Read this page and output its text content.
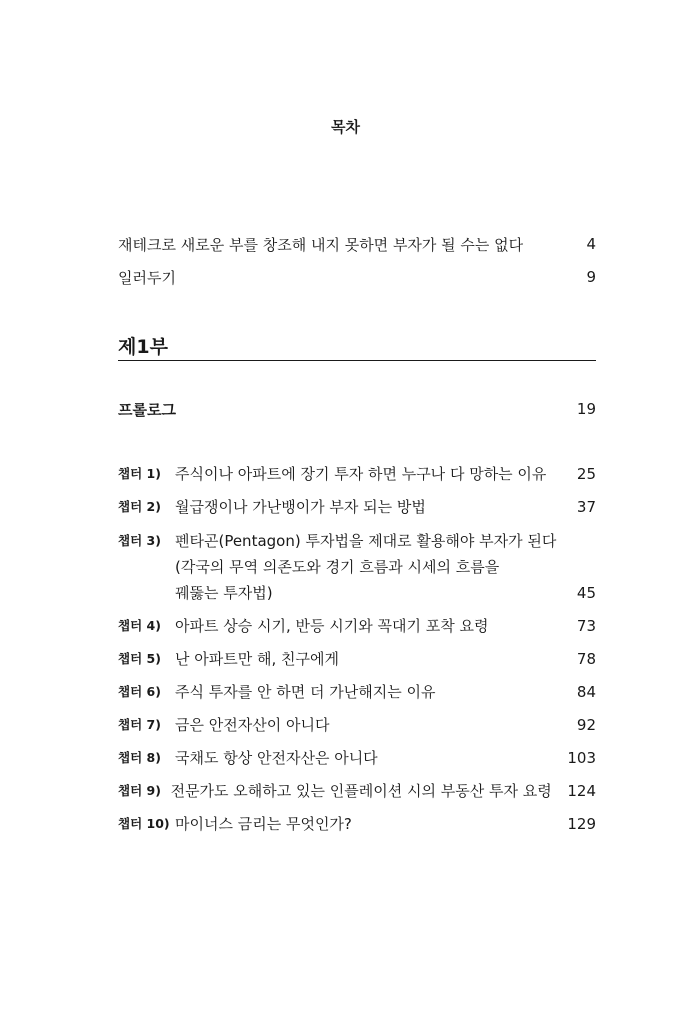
목차
재테크로 새로운 부를 창조해 내지 못하면 부자가 될 수는 없다	4
일러두기	9
제1부
프롤로그	19
챕터 1) 주식이나 아파트에 장기 투자 하면 누구나 다 망하는 이유	25
챕터 2) 월급쟁이나 가난뱅이가 부자 되는 방법	37
챕터 3) 펜타곤(Pentagon) 투자법을 제대로 활용해야 부자가 된다
(각국의 무역 의존도와 경기 흐름과 시세의 흐름을
꿰뚫는 투자법)	45
챕터 4) 아파트 상승 시기, 반등 시기와 꼭대기 포착 요령	73
챕터 5) 난 아파트만 해, 친구에게	78
챕터 6) 주식 투자를 안 하면 더 가난해지는 이유	84
챕터 7) 금은 안전자산이 아니다	92
챕터 8) 국채도 항상 안전자산은 아니다	103
챕터 9) 전문가도 오해하고 있는 인플레이션 시의 부동산 투자 요령	124
챕터 10) 마이너스 금리는 무엇인가?	129
